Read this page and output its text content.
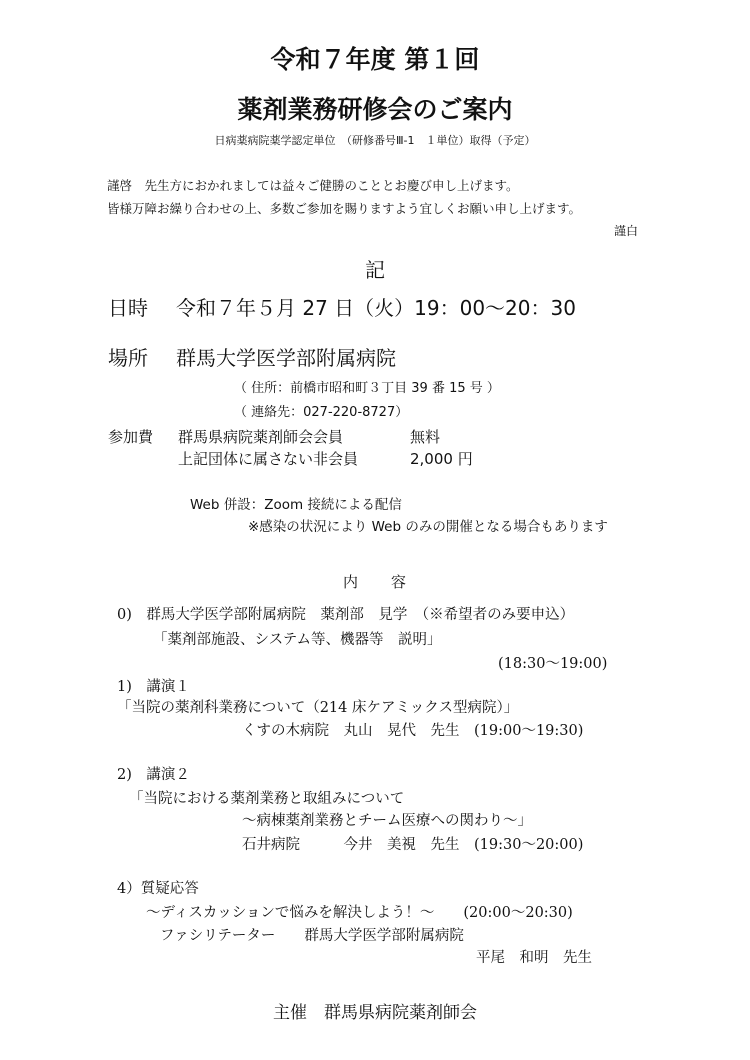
令和７年度 第１回
薬剤業務研修会のご案内
日病薬病院薬学認定単位　（研修番号Ⅲ-1　１単位）取得（予定）
謹啓　先生方におかれましては益々ご健勝のこととお慶び申し上げます。
皆様万障お繰り合わせの上、多数ご参加を賜りますよう宜しくお願い申し上げます。
謹白
記
日時 令和７年５月 27 日（火）19：00～20：30
場所 群馬大学医学部附属病院
（ 住所：前橋市昭和町３丁目 39 番 15 号 ）
（ 連絡先：027-220-8727）
参加費 群馬県病院薬剤師会会員	無料
上記団体に属さない非会員	2,000 円
Web 併設：Zoom 接続による配信
※感染の状況により Web のみの開催となる場合もあります
内　　容
0)　群馬大学医学部附属病院　薬剤部　見学　（※希望者のみ要申込）
「薬剤部施設、システム等、機器等　説明」
(18:30～19:00)
1)　講演１
「当院の薬剤科業務について（214 床ケアミックス型病院）」
くすの木病院　丸山　晃代　先生　(19:00～19:30)
2)　講演２
「当院における薬剤業務と取組みについて
～病棟薬剤業務とチーム医療への関わり～」
石井病院　　　今井　美視　先生　(19:30～20:00)
4）質疑応答
～ディスカッションで悩みを解決しよう！～　　(20:00～20:30)
ファシリテーター　　群馬大学医学部附属病院
平尾　和明　先生
主催　群馬県病院薬剤師会
